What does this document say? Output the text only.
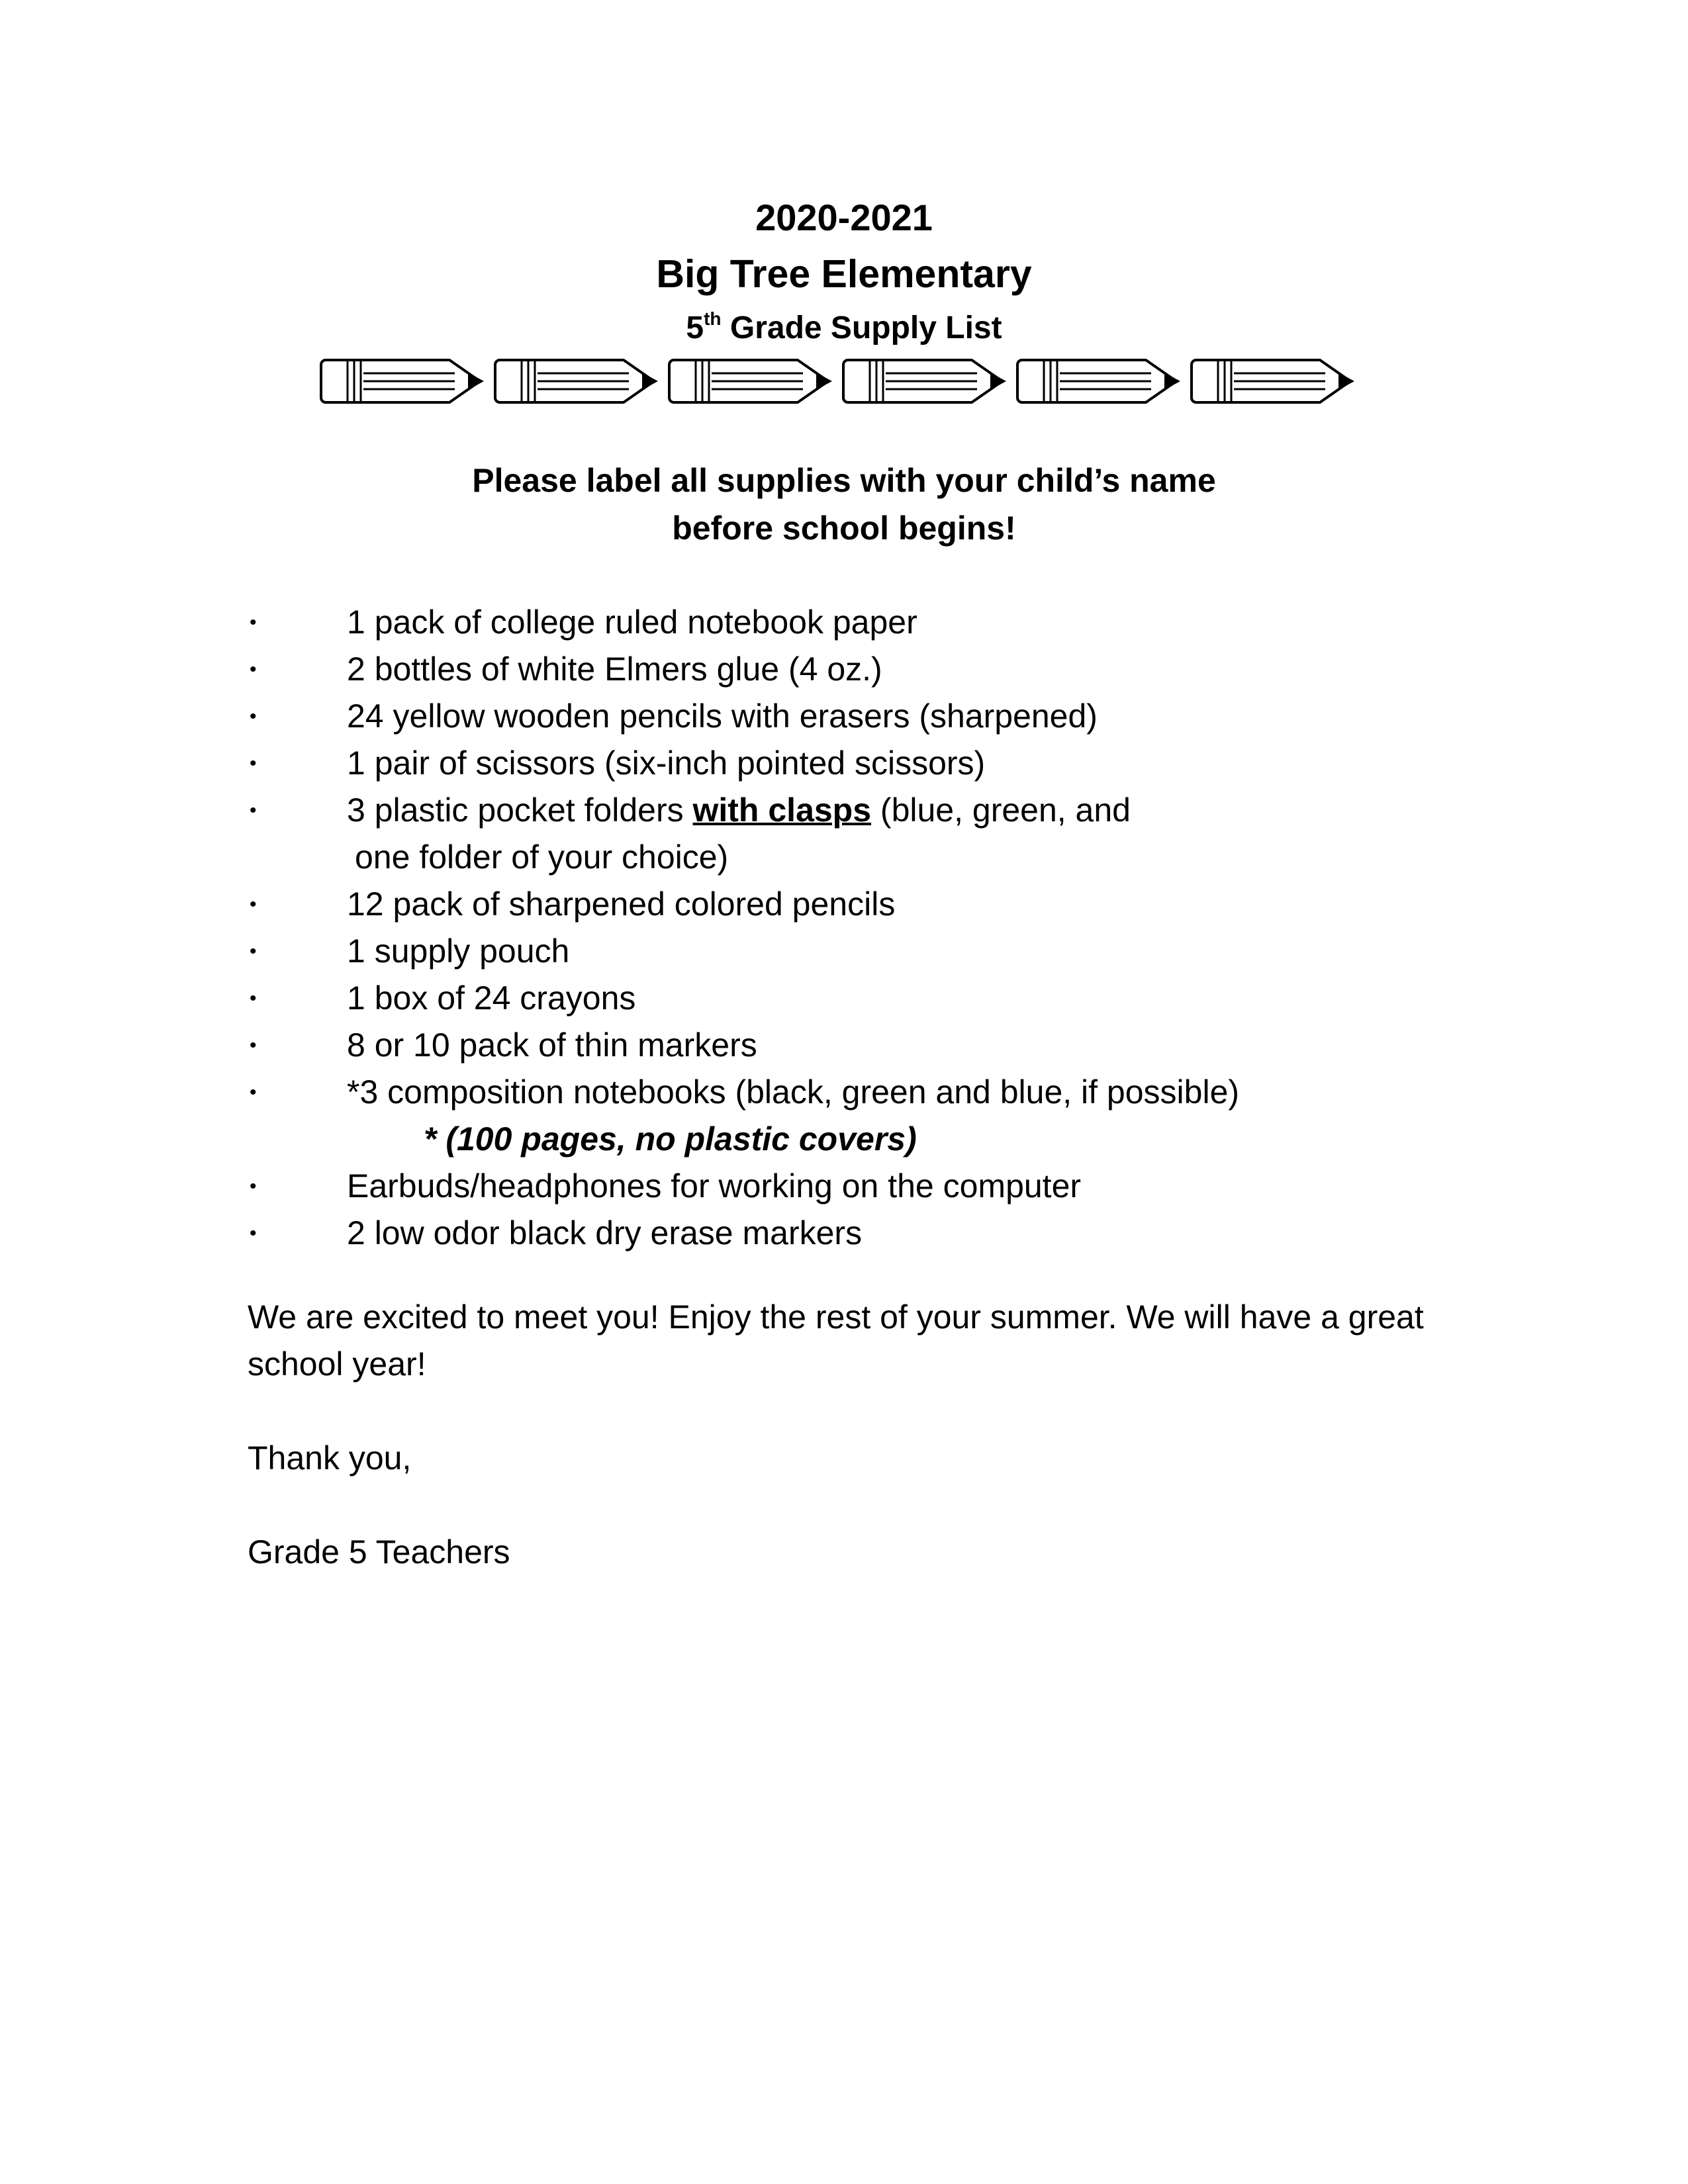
2020-2021
Big Tree Elementary
5th Grade Supply List
Please label all supplies with your child’s name
before school begins!
•	1 pack of college ruled notebook paper
•	2 bottles of white Elmers glue (4 oz.)
•	24 yellow wooden pencils with erasers (sharpened)
•	1 pair of scissors (six-inch pointed scissors)
•	3 plastic pocket folders with clasps (blue, green, and
one folder of your choice)
•	12 pack of sharpened colored pencils
•	1 supply pouch
•	1 box of 24 crayons
•	8 or 10 pack of thin markers
•	*3 composition notebooks (black, green and blue, if possible)
* (100 pages, no plastic covers)
•	Earbuds/headphones for working on the computer
•	2 low odor black dry erase markers
We are excited to meet you! Enjoy the rest of your summer. We will have a great school year!
Thank you,
Grade 5 Teachers
